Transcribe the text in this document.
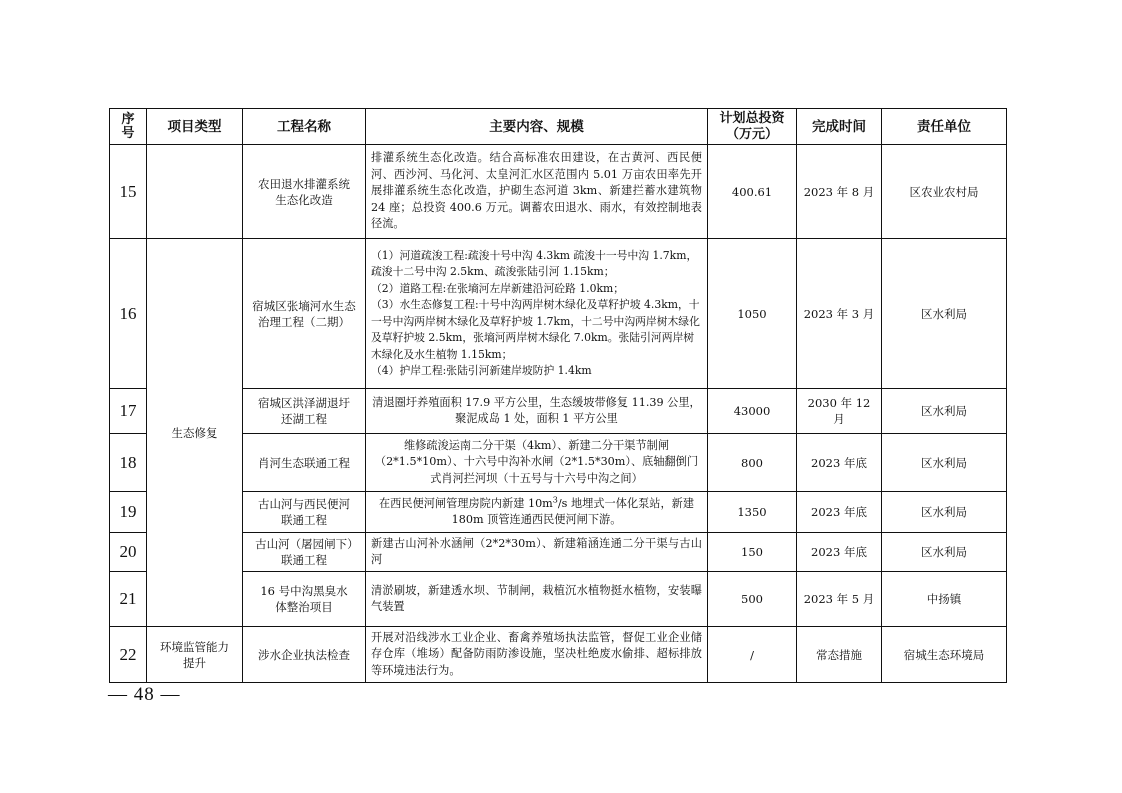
序号	项目类型	工程名称	主要内容、规模	计划总投资（万元）	完成时间	责任单位
15		农田退水排灌系统生态化改造	排灌系统生态化改造。结合高标准农田建设，在古黄河、西民便河、西沙河、马化河、太皇河汇水区范围内 5.01 万亩农田率先开展排灌系统生态化改造，护砌生态河道 3km、新建拦蓄水建筑物 24 座；总投资 400.6 万元。调蓄农田退水、雨水，有效控制地表径流。	400.61	2023 年 8 月	区农业农村局
16	生态修复	宿城区张墒河水生态治理工程（二期）	（1）河道疏浚工程:疏浚十号中沟 4.3km 疏浚十一号中沟 1.7km，疏浚十二号中沟 2.5km、疏浚张陆引河 1.15km；
（2）道路工程:在张墒河左岸新建沿河砼路 1.0km；
（3）水生态修复工程:十号中沟两岸树木绿化及草籽护坡 4.3km，十一号中沟两岸树木绿化及草籽护坡 1.7km，十二号中沟两岸树木绿化及草籽护坡 2.5km，张墒河两岸树木绿化 7.0km。张陆引河两岸树木绿化及水生植物 1.15km；
（4）护岸工程:张陆引河新建岸坡防护 1.4km	1050	2023 年 3 月	区水利局
17		宿城区洪泽湖退圩还湖工程	清退圈圩养殖面积 17.9 平方公里，生态缓坡带修复 11.39 公里，聚泥成岛 1 处，面积 1 平方公里	43000	2030 年 12 月	区水利局
18		肖河生态联通工程	维修疏浚运南二分干渠（4km）、新建二分干渠节制闸（2*1.5*10m）、十六号中沟补水闸（2*1.5*30m）、底轴翻倒门式肖河拦河坝（十五号与十六号中沟之间）	800	2023 年底	区水利局
19		古山河与西民便河联通工程	在西民便河闸管理房院内新建 $10m^3/s$ 地埋式一体化泵站，新建 180m 顶管连通西民便河闸下游。	1350	2023 年底	区水利局
20		古山河（屠园闸下）联通工程	新建古山河补水涵闸（2*2*30m）、新建箱涵连通二分干渠与古山河	150	2023 年底	区水利局
21		16 号中沟黑臭水体整治项目	清淤刷坡，新建透水坝、节制闸，栽植沉水植物挺水植物，安装曝气装置	500	2023 年 5 月	中扬镇
22	环境监管能力提升	涉水企业执法检查	开展对沿线涉水工业企业、畜禽养殖场执法监管，督促工业企业储存仓库（堆场）配备防雨防渗设施，坚决杜绝废水偷排、超标排放等环境违法行为。	/	常态措施	宿城生态环境局
— 48 —
